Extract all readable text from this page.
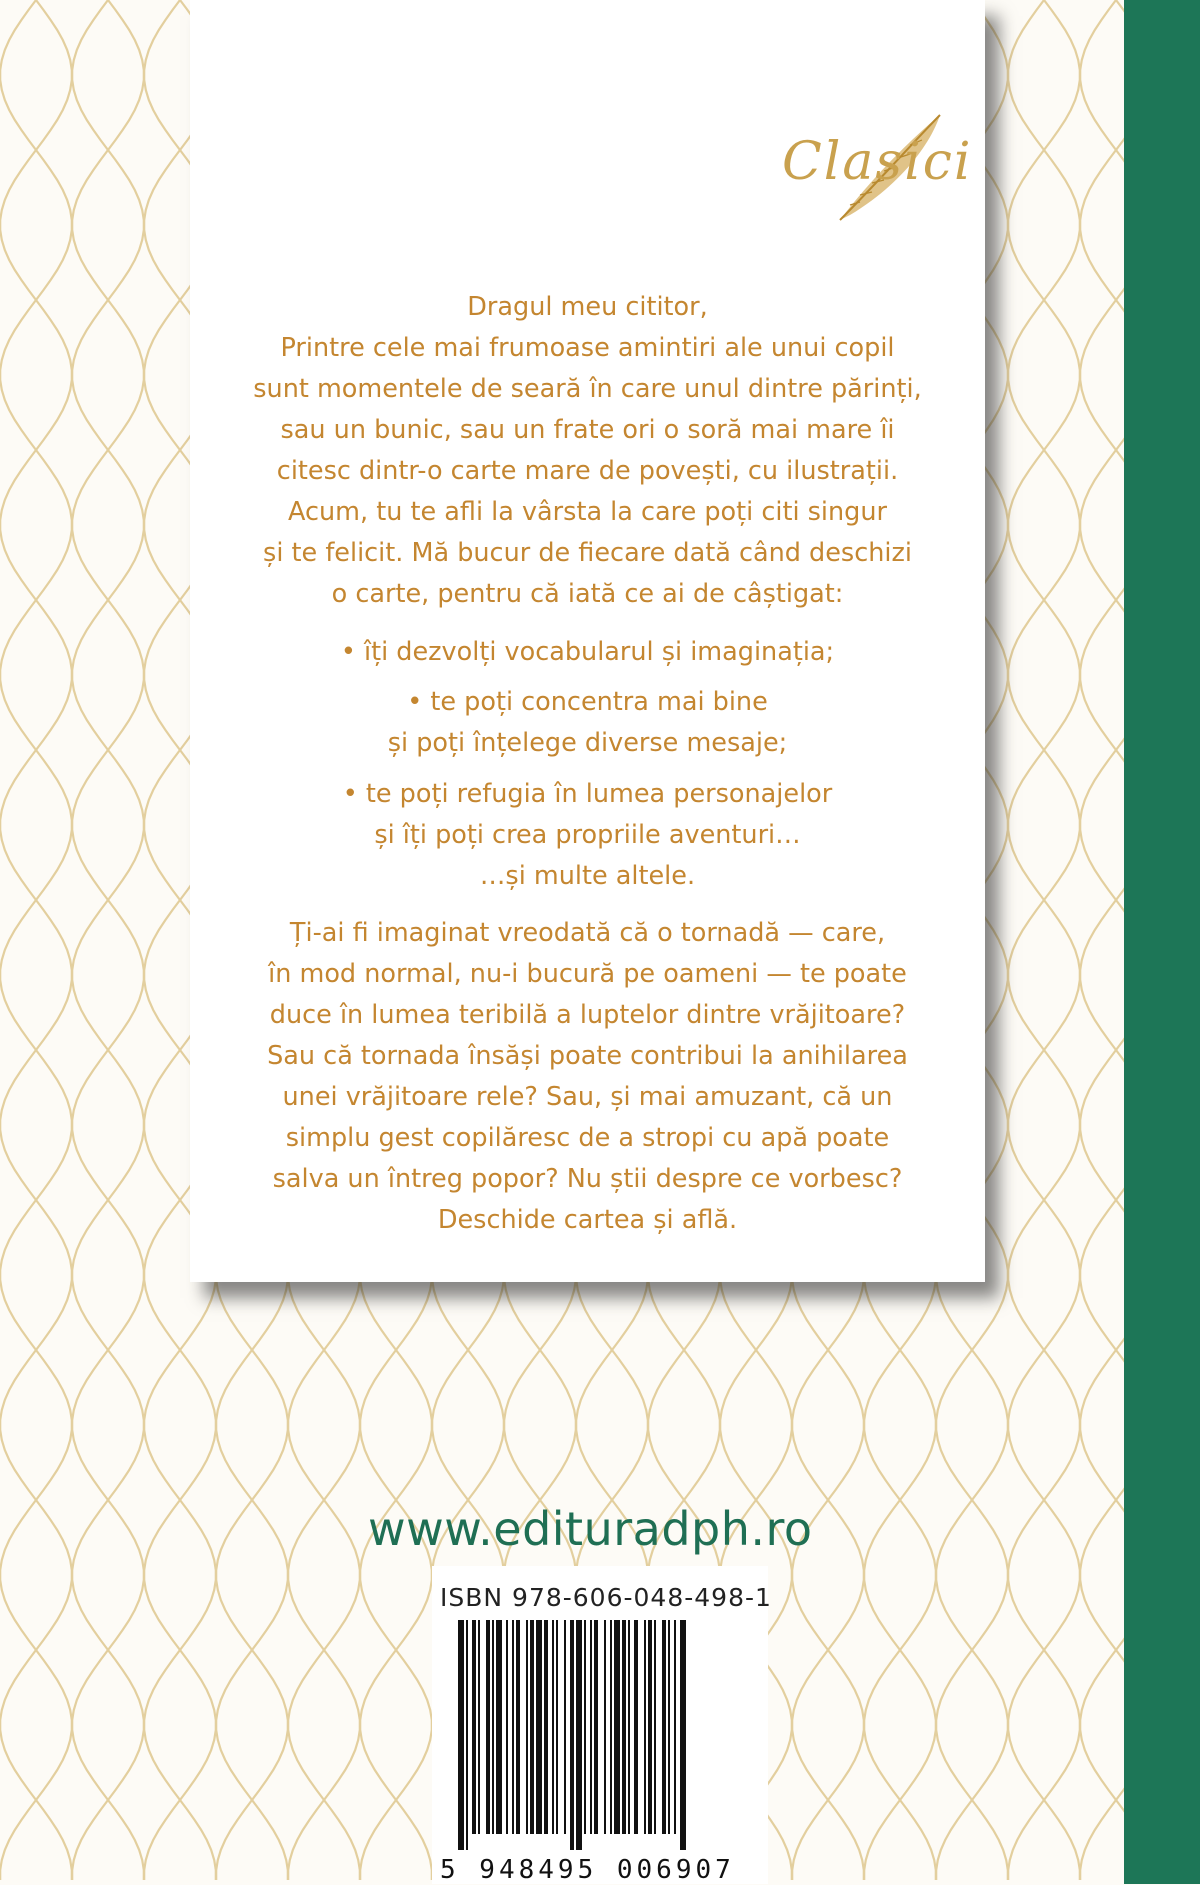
Clasici
Dragul meu cititor,
Printre cele mai frumoase amintiri ale unui copil
sunt momentele de seară în care unul dintre părinți,
sau un bunic, sau un frate ori o soră mai mare îi
citesc dintr-o carte mare de povești, cu ilustrații.
Acum, tu te afli la vârsta la care poți citi singur
și te felicit. Mă bucur de fiecare dată când deschizi
o carte, pentru că iată ce ai de câștigat:
• îți dezvolți vocabularul și imaginația;
• te poți concentra mai bine
și poți înțelege diverse mesaje;
• te poți refugia în lumea personajelor
și îți poți crea propriile aventuri…
…și multe altele.
Ți-ai fi imaginat vreodată că o tornadă — care,
în mod normal, nu-i bucură pe oameni — te poate
duce în lumea teribilă a luptelor dintre vrăjitoare?
Sau că tornada însăși poate contribui la anihilarea
unei vrăjitoare rele? Sau, și mai amuzant, că un
simplu gest copilăresc de a stropi cu apă poate
salva un întreg popor? Nu știi despre ce vorbesc?
Deschide cartea și află.
www.edituradph.ro
ISBN 978-606-048-498-1
5 948495 006907
